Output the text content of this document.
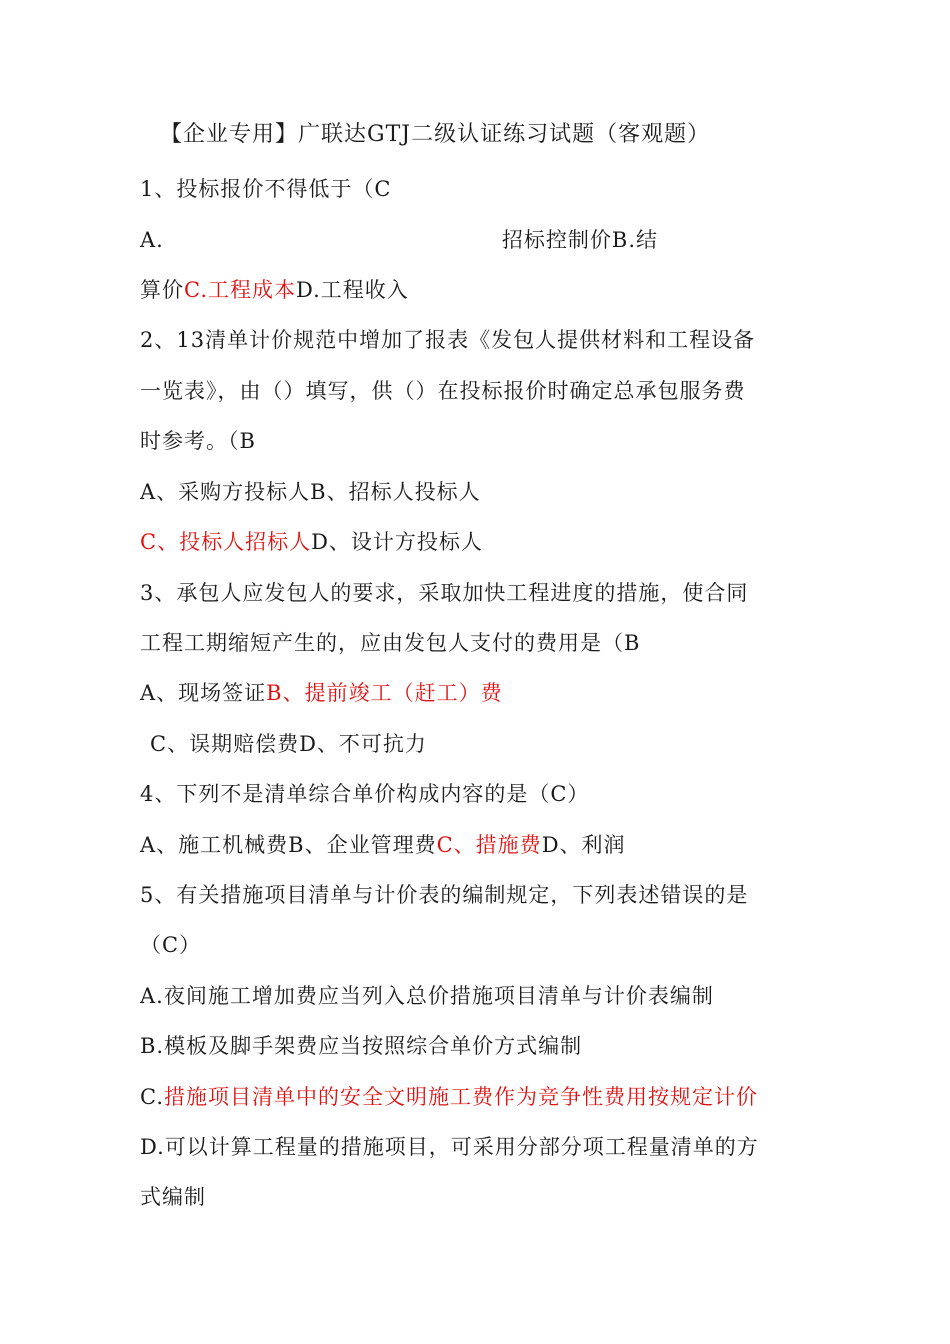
【企业专用】广联达GTJ二级认证练习试题（客观题）
1、投标报价不得低于（C
A.	招标控制价B.结
算价C.工程成本D.工程收入
2、13清单计价规范中增加了报表《发包人提供材料和工程设备
一览表》，由（）填写，供（）在投标报价时确定总承包服务费
时参考。（B
A、采购方投标人B、招标人投标人
C、投标人招标人D、设计方投标人
3、承包人应发包人的要求，采取加快工程进度的措施，使合同
工程工期缩短产生的，应由发包人支付的费用是（B
A、现场签证B、提前竣工（赶工）费
C、误期赔偿费D、不可抗力
4、下列不是清单综合单价构成内容的是（C）
A、施工机械费B、企业管理费C、措施费D、利润
5、有关措施项目清单与计价表的编制规定，下列表述错误的是
（C）
A.夜间施工增加费应当列入总价措施项目清单与计价表编制
B.模板及脚手架费应当按照综合单价方式编制
C.措施项目清单中的安全文明施工费作为竞争性费用按规定计价
D.可以计算工程量的措施项目，可采用分部分项工程量清单的方
式编制
